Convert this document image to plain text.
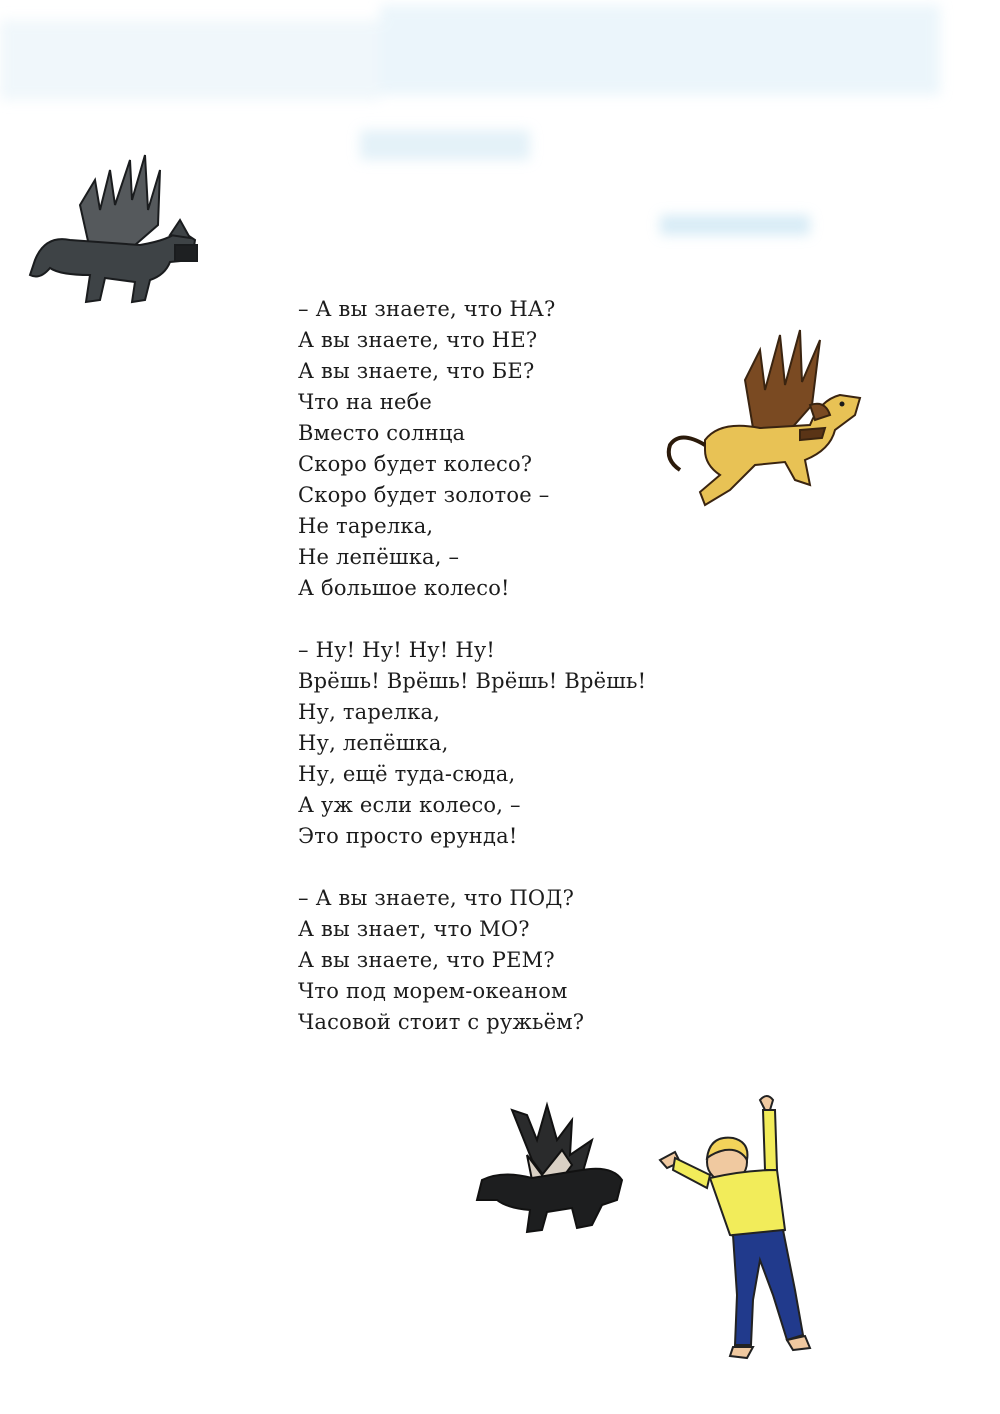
– А вы знаете, что НА?
А вы знаете, что НЕ?
А вы знаете, что БЕ?
Что на небе
Вместо солнца
Скоро будет колесо?
Скоро будет золотое –
Не тарелка,
Не лепёшка, –
А большое колесо!
– Ну! Ну! Ну! Ну!
Врёшь! Врёшь! Врёшь! Врёшь!
Ну, тарелка,
Ну, лепёшка,
Ну, ещё туда-сюда,
А уж если колесо, –
Это просто ерунда!
– А вы знаете, что ПОД?
А вы знает, что МО?
А вы знаете, что РЕМ?
Что под морем-океаном
Часовой стоит с ружьём?
